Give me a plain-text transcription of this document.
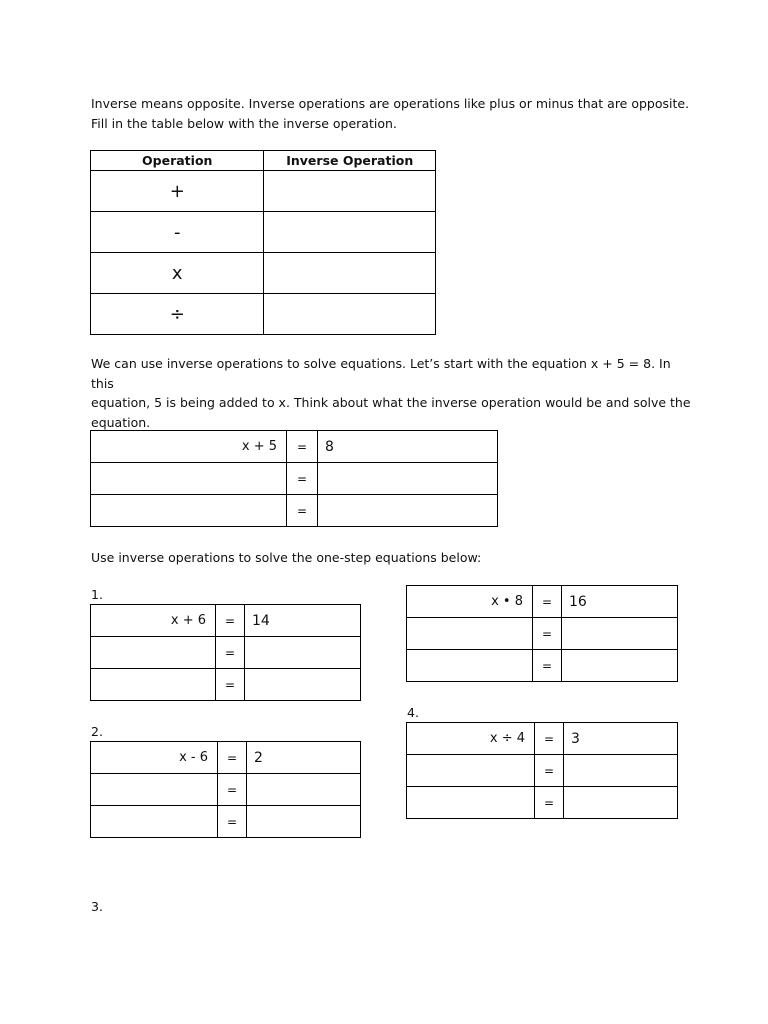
Inverse means opposite. Inverse operations are operations like plus or minus that are opposite.
Fill in the table below with the inverse operation.
Operation	Inverse Operation
+	
-	
x	
÷	
We can use inverse operations to solve equations. Let’s start with the equation x + 5 = 8. In this
equation, 5 is being added to x. Think about what the inverse operation would be and solve the
equation.
x + 5	=	8
	=	
	=	
Use inverse operations to solve the one-step equations below:
1.
x + 6	=	14
	=	
	=	
2.
x - 6	=	2
	=	
	=	
x • 8	=	16
	=	
	=	
3.
4.
x ÷ 4	=	3
	=	
	=	
